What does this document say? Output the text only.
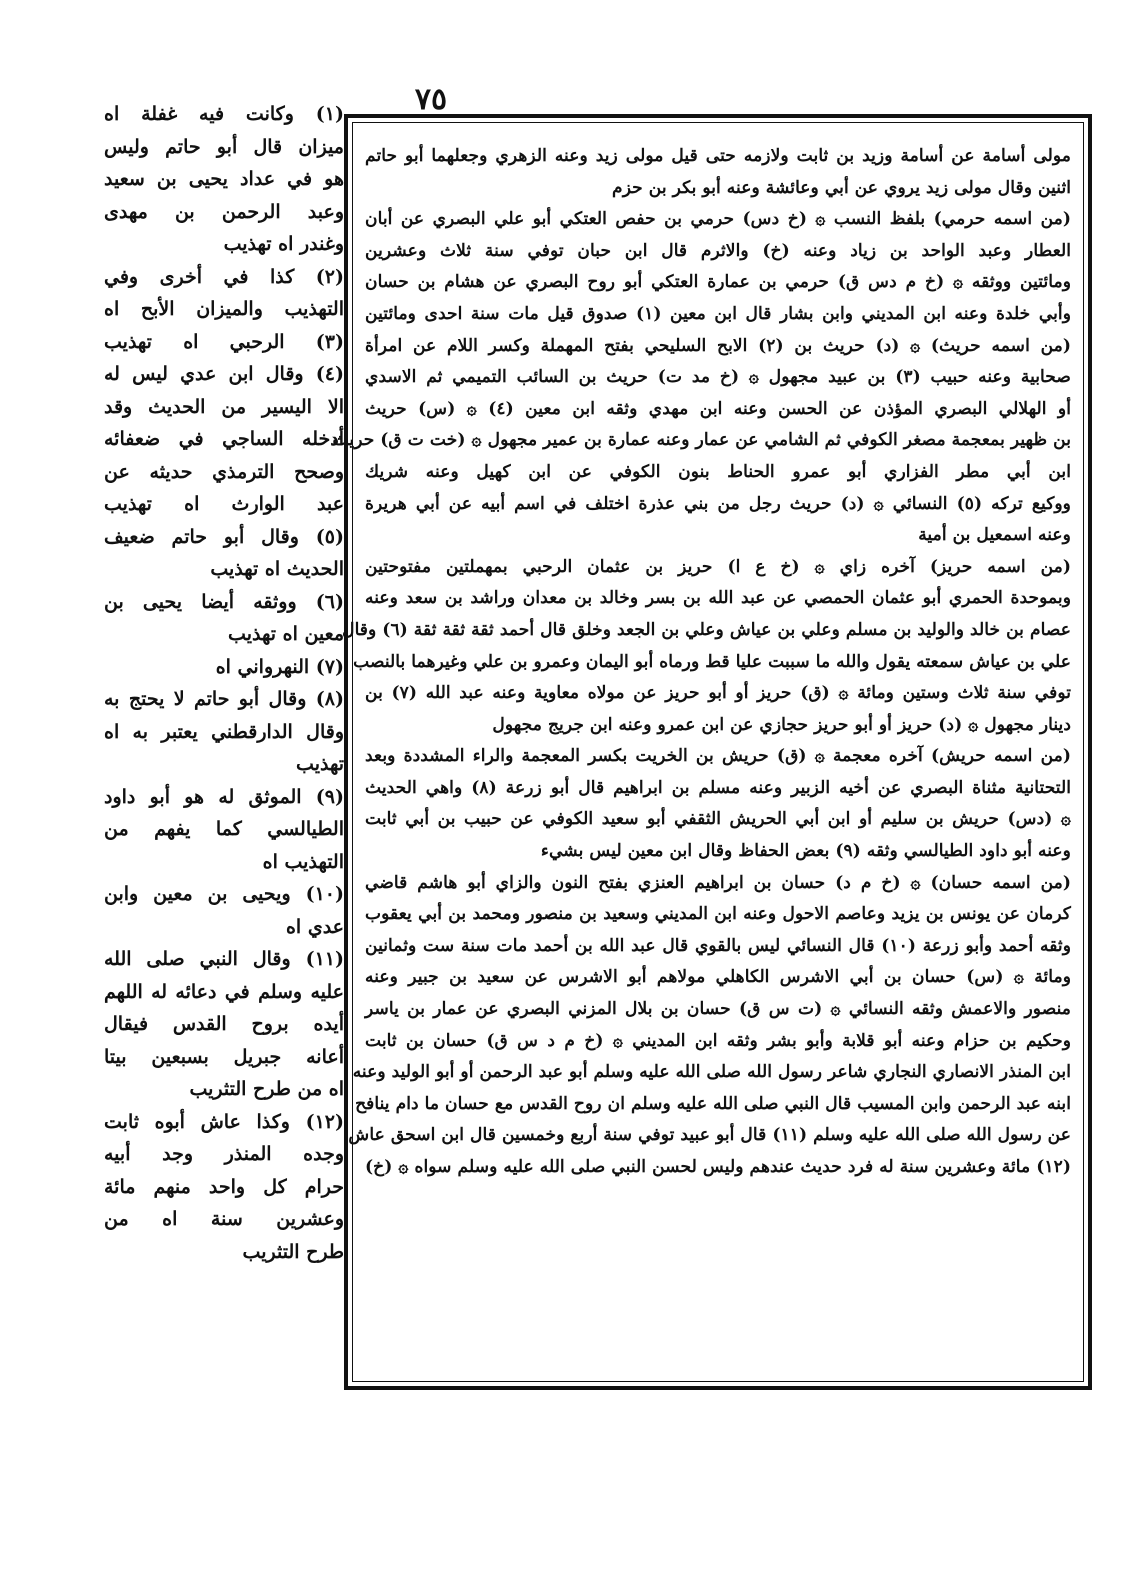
٧٥
مولى أسامة عن أسامة وزيد بن ثابت ولازمه حتى قيل مولى زيد وعنه الزهري وجعلهما أبو حاتم
اثنين وقال مولى زيد يروي عن أبي وعائشة وعنه أبو بكر بن حزم
(من اسمه حرمي) بلفظ النسب ۞ (خ دس) حرمي بن حفص العتكي أبو علي البصري عن أبان
العطار وعبد الواحد بن زياد وعنه (خ) والاثرم قال ابن حبان توفي سنة ثلاث وعشرين
ومائتين ووثقه ۞ (خ م دس ق) حرمي بن عمارة العتكي أبو روح البصري عن هشام بن حسان
وأبي خلدة وعنه ابن المديني وابن بشار قال ابن معين (١) صدوق قيل مات سنة احدى ومائتين
(من اسمه حريث) ۞ (د) حريث بن (٢) الابح السليحي بفتح المهملة وكسر اللام عن امرأة
صحابية وعنه حبيب (٣) بن عبيد مجهول ۞ (خ مد ت) حريث بن السائب التميمي ثم الاسدي
أو الهلالي البصري المؤذن عن الحسن وعنه ابن مهدي وثقه ابن معين (٤) ۞ (س) حريث
بن ظهير بمعجمة مصغر الكوفي ثم الشامي عن عمار وعنه عمارة بن عمير مجهول ۞ (خت ت ق) حريث
ابن أبي مطر الفزاري أبو عمرو الحناط بنون الكوفي عن ابن كهيل وعنه شريك
ووكيع تركه (٥) النسائي ۞ (د) حريث رجل من بني عذرة اختلف في اسم أبيه عن أبي هريرة
وعنه اسمعيل بن أمية
(من اسمه حريز) آخره زاي ۞ (خ ع ا) حريز بن عثمان الرحبي بمهملتين مفتوحتين
وبموحدة الحمري أبو عثمان الحمصي عن عبد الله بن بسر وخالد بن معدان وراشد بن سعد وعنه
عصام بن خالد والوليد بن مسلم وعلي بن عياش وعلي بن الجعد وخلق قال أحمد ثقة ثقة ثقة (٦) وقال
علي بن عياش سمعته يقول والله ما سببت عليا قط ورماه أبو اليمان وعمرو بن علي وغيرهما بالنصب
توفي سنة ثلاث وستين ومائة ۞ (ق) حريز أو أبو حريز عن مولاه معاوية وعنه عبد الله (٧) بن
دينار مجهول ۞ (د) حريز أو أبو حريز حجازي عن ابن عمرو وعنه ابن جريج مجهول
(من اسمه حريش) آخره معجمة ۞ (ق) حريش بن الخريت بكسر المعجمة والراء المشددة وبعد
التحتانية مثناة البصري عن أخيه الزبير وعنه مسلم بن ابراهيم قال أبو زرعة (٨) واهي الحديث
۞ (دس) حريش بن سليم أو ابن أبي الحريش الثقفي أبو سعيد الكوفي عن حبيب بن أبي ثابت
وعنه أبو داود الطيالسي وثقه (٩) بعض الحفاظ وقال ابن معين ليس بشيء
(من اسمه حسان) ۞ (خ م د) حسان بن ابراهيم العنزي بفتح النون والزاي أبو هاشم قاضي
كرمان عن يونس بن يزيد وعاصم الاحول وعنه ابن المديني وسعيد بن منصور ومحمد بن أبي يعقوب
وثقه أحمد وأبو زرعة (١٠) قال النسائي ليس بالقوي قال عبد الله بن أحمد مات سنة ست وثمانين
ومائة ۞ (س) حسان بن أبي الاشرس الكاهلي مولاهم أبو الاشرس عن سعيد بن جبير وعنه
منصور والاعمش وثقه النسائي ۞ (ت س ق) حسان بن بلال المزني البصري عن عمار بن ياسر
وحكيم بن حزام وعنه أبو قلابة وأبو بشر وثقه ابن المديني ۞ (خ م د س ق) حسان بن ثابت
ابن المنذر الانصاري النجاري شاعر رسول الله صلى الله عليه وسلم أبو عبد الرحمن أو أبو الوليد وعنه
ابنه عبد الرحمن وابن المسيب قال النبي صلى الله عليه وسلم ان روح القدس مع حسان ما دام ينافح
عن رسول الله صلى الله عليه وسلم (١١) قال أبو عبيد توفي سنة أربع وخمسين قال ابن اسحق عاش
(١٢) مائة وعشرين سنة له فرد حديث عندهم وليس لحسن النبي صلى الله عليه وسلم سواه ۞ (خ)
(١) وكانت فيه غفلة اه
ميزان قال أبو حاتم وليس
هو في عداد يحيى بن سعيد
وعبد الرحمن بن مهدى
وغندر اه تهذيب
(٢) كذا في أخرى وفي
التهذيب والميزان الأبح اه
(٣) الرحبي اه تهذيب
(٤) وقال ابن عدي ليس له
الا اليسير من الحديث وقد
أدخله الساجي في ضعفائه
وصحح الترمذي حديثه عن
عبد الوارث اه تهذيب
(٥) وقال أبو حاتم ضعيف
الحديث اه تهذيب
(٦) ووثقه أيضا يحيى بن
معين اه تهذيب
(٧) النهرواني اه
(٨) وقال أبو حاتم لا يحتج به
وقال الدارقطني يعتبر به اه
تهذيب
(٩) الموثق له هو أبو داود
الطيالسي كما يفهم من
التهذيب اه
(١٠) ويحيى بن معين وابن
عدي اه
(١١) وقال النبي صلى الله
عليه وسلم في دعائه له اللهم
أيده بروح القدس فيقال
أعانه جبريل بسبعين بيتا
اه من طرح التثريب
(١٢) وكذا عاش أبوه ثابت
وجده المنذر وجد أبيه
حرام كل واحد منهم مائة
وعشرين سنة اه من
طرح التثريب
